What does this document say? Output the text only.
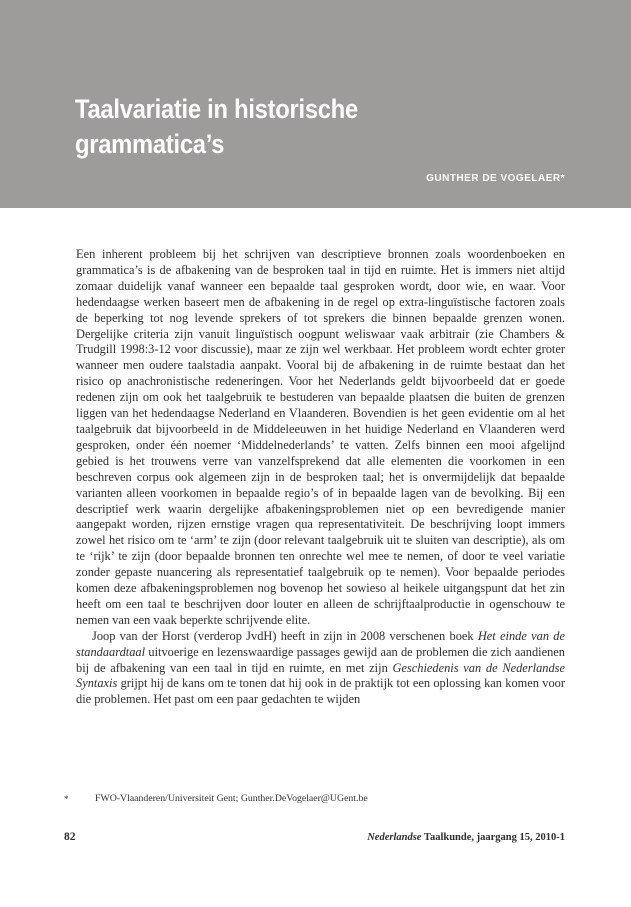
Taalvariatie in historische
grammatica’s
GUNTHER DE VOGELAER*

Een inherent probleem bij het schrijven van descriptieve bronnen zoals woordenboeken en grammatica’s is de afbakening van de besproken taal in tijd en ruimte. Het is immers niet altijd zomaar duidelijk vanaf wanneer een bepaalde taal gesproken wordt, door wie, en waar. Voor hedendaagse werken baseert men de afbakening in de regel op extra-linguïstische factoren zoals de beperking tot nog levende sprekers of tot sprekers die binnen bepaalde grenzen wonen. Dergelijke criteria zijn vanuit linguïstisch oogpunt weliswaar vaak arbitrair (zie Chambers & Trudgill 1998:3-12 voor discussie), maar ze zijn wel werkbaar. Het probleem wordt echter groter wanneer men oudere taalstadia aanpakt. Vooral bij de afbakening in de ruimte bestaat dan het risico op anachronistische redeneringen. Voor het Nederlands geldt bijvoorbeeld dat er goede redenen zijn om ook het taalgebruik te bestuderen van bepaalde plaatsen die buiten de grenzen liggen van het hedendaagse Nederland en Vlaanderen. Bovendien is het geen evidentie om al het taalgebruik dat bijvoorbeeld in de Middeleeuwen in het huidige Nederland en Vlaanderen werd gesproken, onder één noemer ‘Middelnederlands’ te vatten. Zelfs binnen een mooi afgelijnd gebied is het trouwens verre van vanzelfsprekend dat alle elementen die voorkomen in een beschreven corpus ook algemeen zijn in de besproken taal; het is onvermijdelijk dat bepaalde varianten alleen voorkomen in bepaalde regio’s of in bepaalde lagen van de bevolking. Bij een descriptief werk waarin dergelijke afbakeningsproblemen niet op een bevredigende manier aangepakt worden, rijzen ernstige vragen qua representativiteit. De beschrijving loopt immers zowel het risico om te ‘arm’ te zijn (door relevant taalgebruik uit te sluiten van descriptie), als om te ‘rijk’ te zijn (door bepaalde bronnen ten onrechte wel mee te nemen, of door te veel variatie zonder gepaste nuancering als representatief taalgebruik op te nemen). Voor bepaalde periodes komen deze afbakeningsproblemen nog bovenop het sowieso al heikele uitgangspunt dat het zin heeft om een taal te beschrijven door louter en alleen de schrijftaalproductie in ogenschouw te nemen van een vaak beperkte schrijvende elite.

Joop van der Horst (verderop JvdH) heeft in zijn in 2008 verschenen boek Het einde van de standaardtaal uitvoerige en lezenswaardige passages gewijd aan de problemen die zich aandienen bij de afbakening van een taal in tijd en ruimte, en met zijn Geschiedenis van de Nederlandse Syntaxis grijpt hij de kans om te tonen dat hij ook in de praktijk tot een oplossing kan komen voor die problemen. Het past om een paar gedachten te wijden

*	FWO-Vlaanderen/Universiteit Gent; Gunther.DeVogelaer@UGent.be
82	Nederlandse Taalkunde, jaargang 15, 2010-1
